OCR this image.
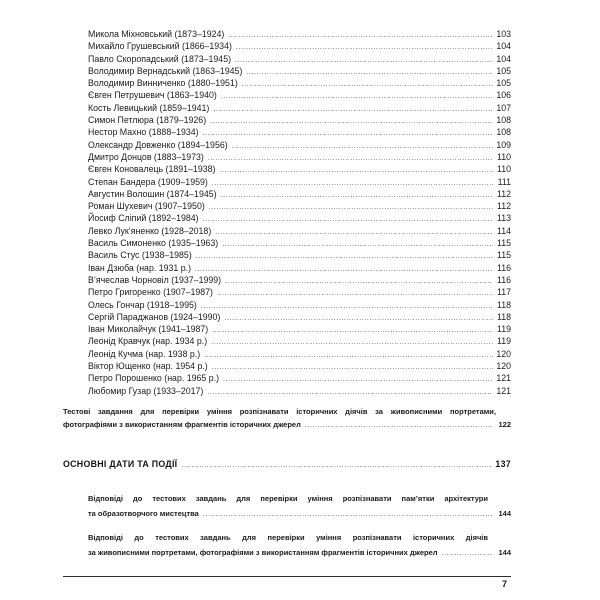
Микола Міхновський (1873–1924) .....	103
Михайло Грушевський (1866–1934) .....	104
Павло Скоропадський (1873–1945) .....	104
Володимир Вернадський (1863–1945) .....	105
Володимир Винниченко (1880–1951) .....	105
Євген Петрушевич (1863–1940) .....	106
Кость Левицький (1859–1941) .....	107
Симон Петлюра (1879–1926) .....	108
Нестор Махно (1888–1934) .....	108
Олександр Довженко (1894–1956) .....	109
Дмитро Донцов (1883–1973) .....	110
Євген Коновалець (1891–1938) .....	110
Степан Бандера (1909–1959) .....	111
Августин Волошин (1874–1945) .....	112
Роман Шухевич (1907–1950) .....	112
Йосиф Сліпий (1892–1984) .....	113
Левко Лук’яненко (1928–2018) .....	114
Василь Симоненко (1935–1963) .....	115
Василь Стус (1938–1985) .....	115
Іван Дзюба (нар. 1931 р.) .....	116
В’ячеслав Чорновіл (1937–1999) .....	116
Петро Григоренко (1907–1987) .....	117
Олесь Гончар (1918–1995) .....	118
Сергій Параджанов (1924–1990) .....	118
Іван Миколайчук (1941–1987) .....	119
Леонід Кравчук (нар. 1934 р.) .....	119
Леонід Кучма (нар. 1938 р.) .....	120
Віктор Ющенко (нар. 1954 р.) .....	120
Петро Порошенко (нар. 1965 р.) .....	121
Любомир Гузар (1933–2017) .....	121
Тестові завдання для перевірки уміння розпізнавати історичних діячів за живописними портретами,
фотографіями з використанням фрагментів історичних джерел .....	122
ОСНОВНІ ДАТИ ТА ПОДІЇ .....	137
Відповіді до тестових завдань для перевірки уміння розпізнавати пам’ятки архітектури
та образотворчого мистецтва .....	144
Відповіді до тестових завдань для перевірки уміння розпізнавати історичних діячів
за живописними портретами, фотографіями з використанням фрагментів історичних джерел .....	144
7
